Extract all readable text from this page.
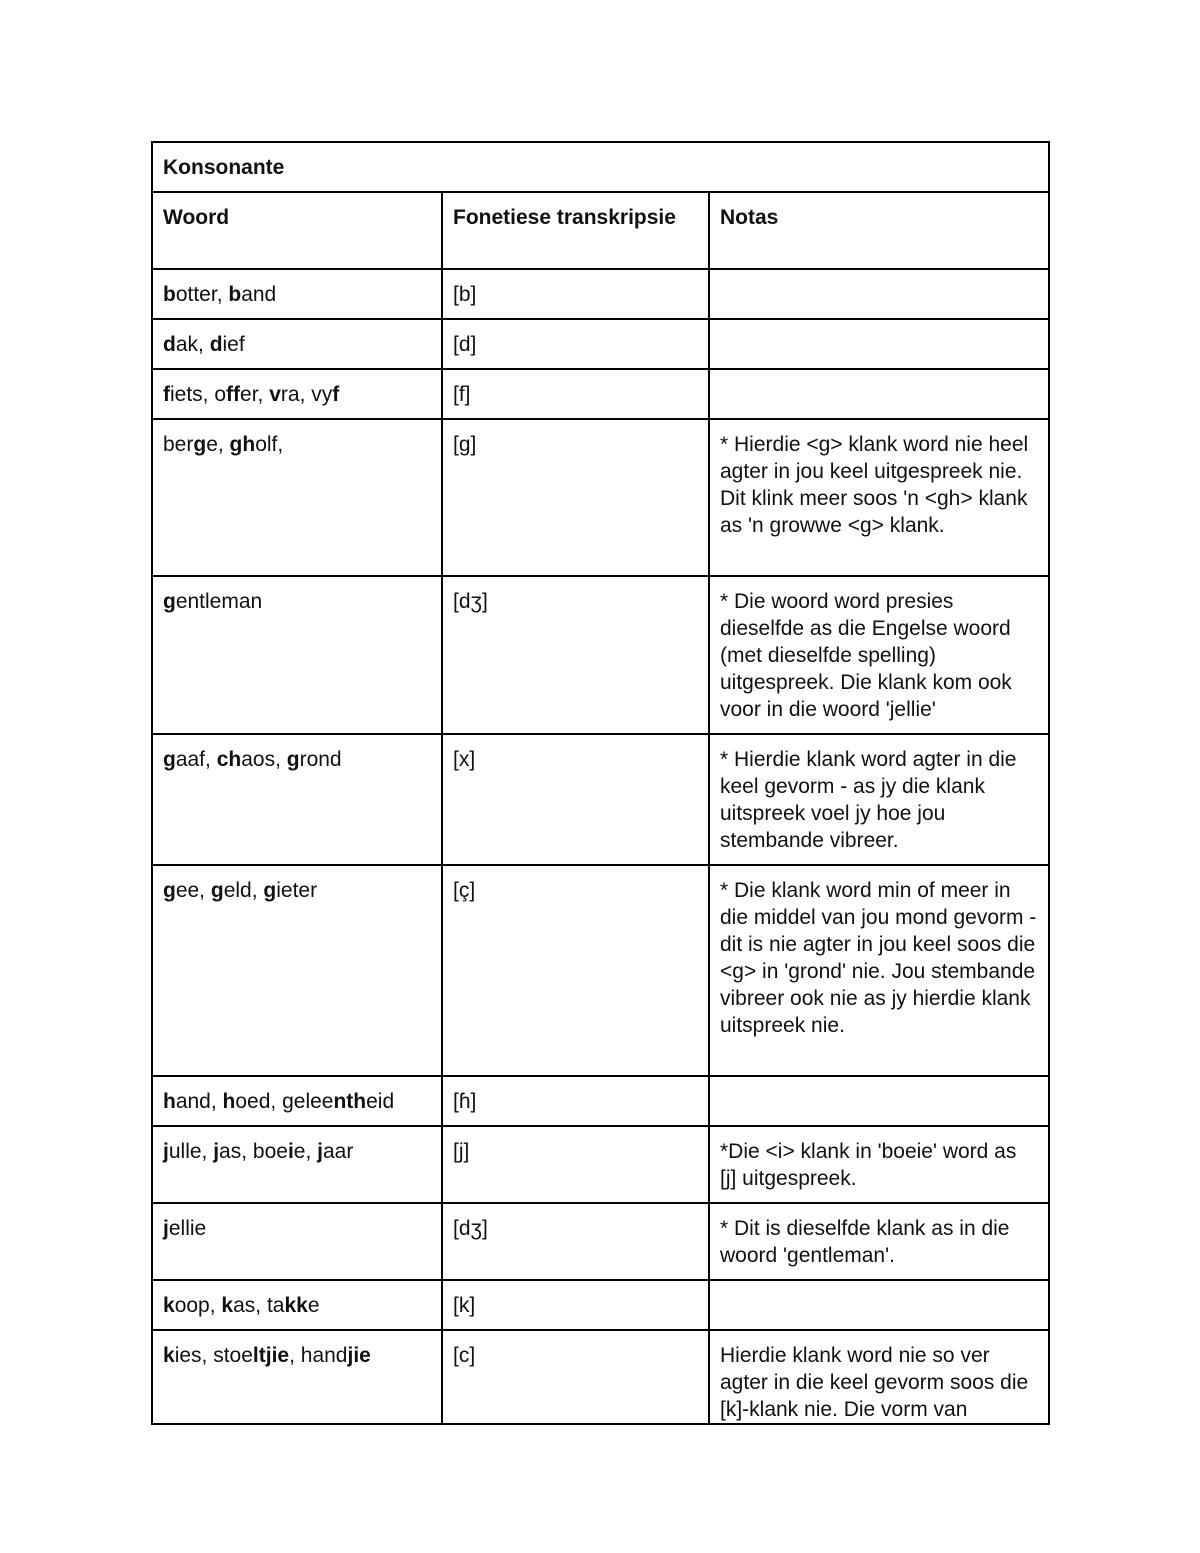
Konsonante		
Woord	Fonetiese transkripsie	Notas
botter, band	[b]	
dak, dief	[d]	
fiets, offer, vra, vyf	[f]	
berge, gholf,	[g]	* Hierdie <g> klank word nie heel agter in jou keel uitgespreek nie. Dit klink meer soos 'n <gh> klank as 'n growwe <g> klank.
gentleman	[dʒ]	* Die woord word presies dieselfde as die Engelse woord (met dieselfde spelling) uitgespreek. Die klank kom ook voor in die woord 'jellie'
gaaf, chaos, grond	[x]	* Hierdie klank word agter in die keel gevorm - as jy die klank uitspreek voel jy hoe jou stembande vibreer.
gee, geld, gieter	[ç]	* Die klank word min of meer in die middel van jou mond gevorm - dit is nie agter in jou keel soos die <g> in 'grond' nie. Jou stembande vibreer ook nie as jy hierdie klank uitspreek nie.
hand, hoed, geleentheid	[ɦ]	
julle, jas, boeie, jaar	[j]	*Die <i> klank in 'boeie' word as [j] uitgespreek.
jellie	[dʒ]	* Dit is dieselfde klank as in die woord 'gentleman'.
koop, kas, takke	[k]	
kies, stoeltjie, handjie	[c]	Hierdie klank word nie so ver agter in die keel gevorm soos die [k]-klank nie. Die vorm van
